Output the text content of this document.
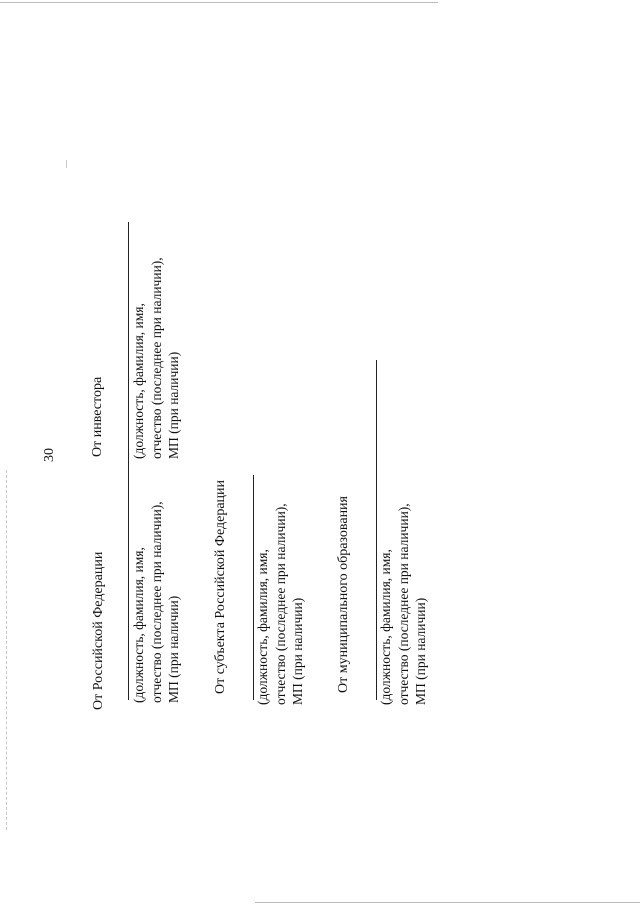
30
От Российской Федерации (должность, фамилия, имя, отчество (последнее при наличии), МП (при наличии) От субъекта Российской Федерации (должность, фамилия, имя, отчество (последнее при наличии), МП (при наличии) От муниципального образования (должность, фамилия, имя, отчество (последнее при наличии), МП (при наличии)
От инвестора (должность, фамилия, имя, отчество (последнее при наличии), МП (при наличии)
